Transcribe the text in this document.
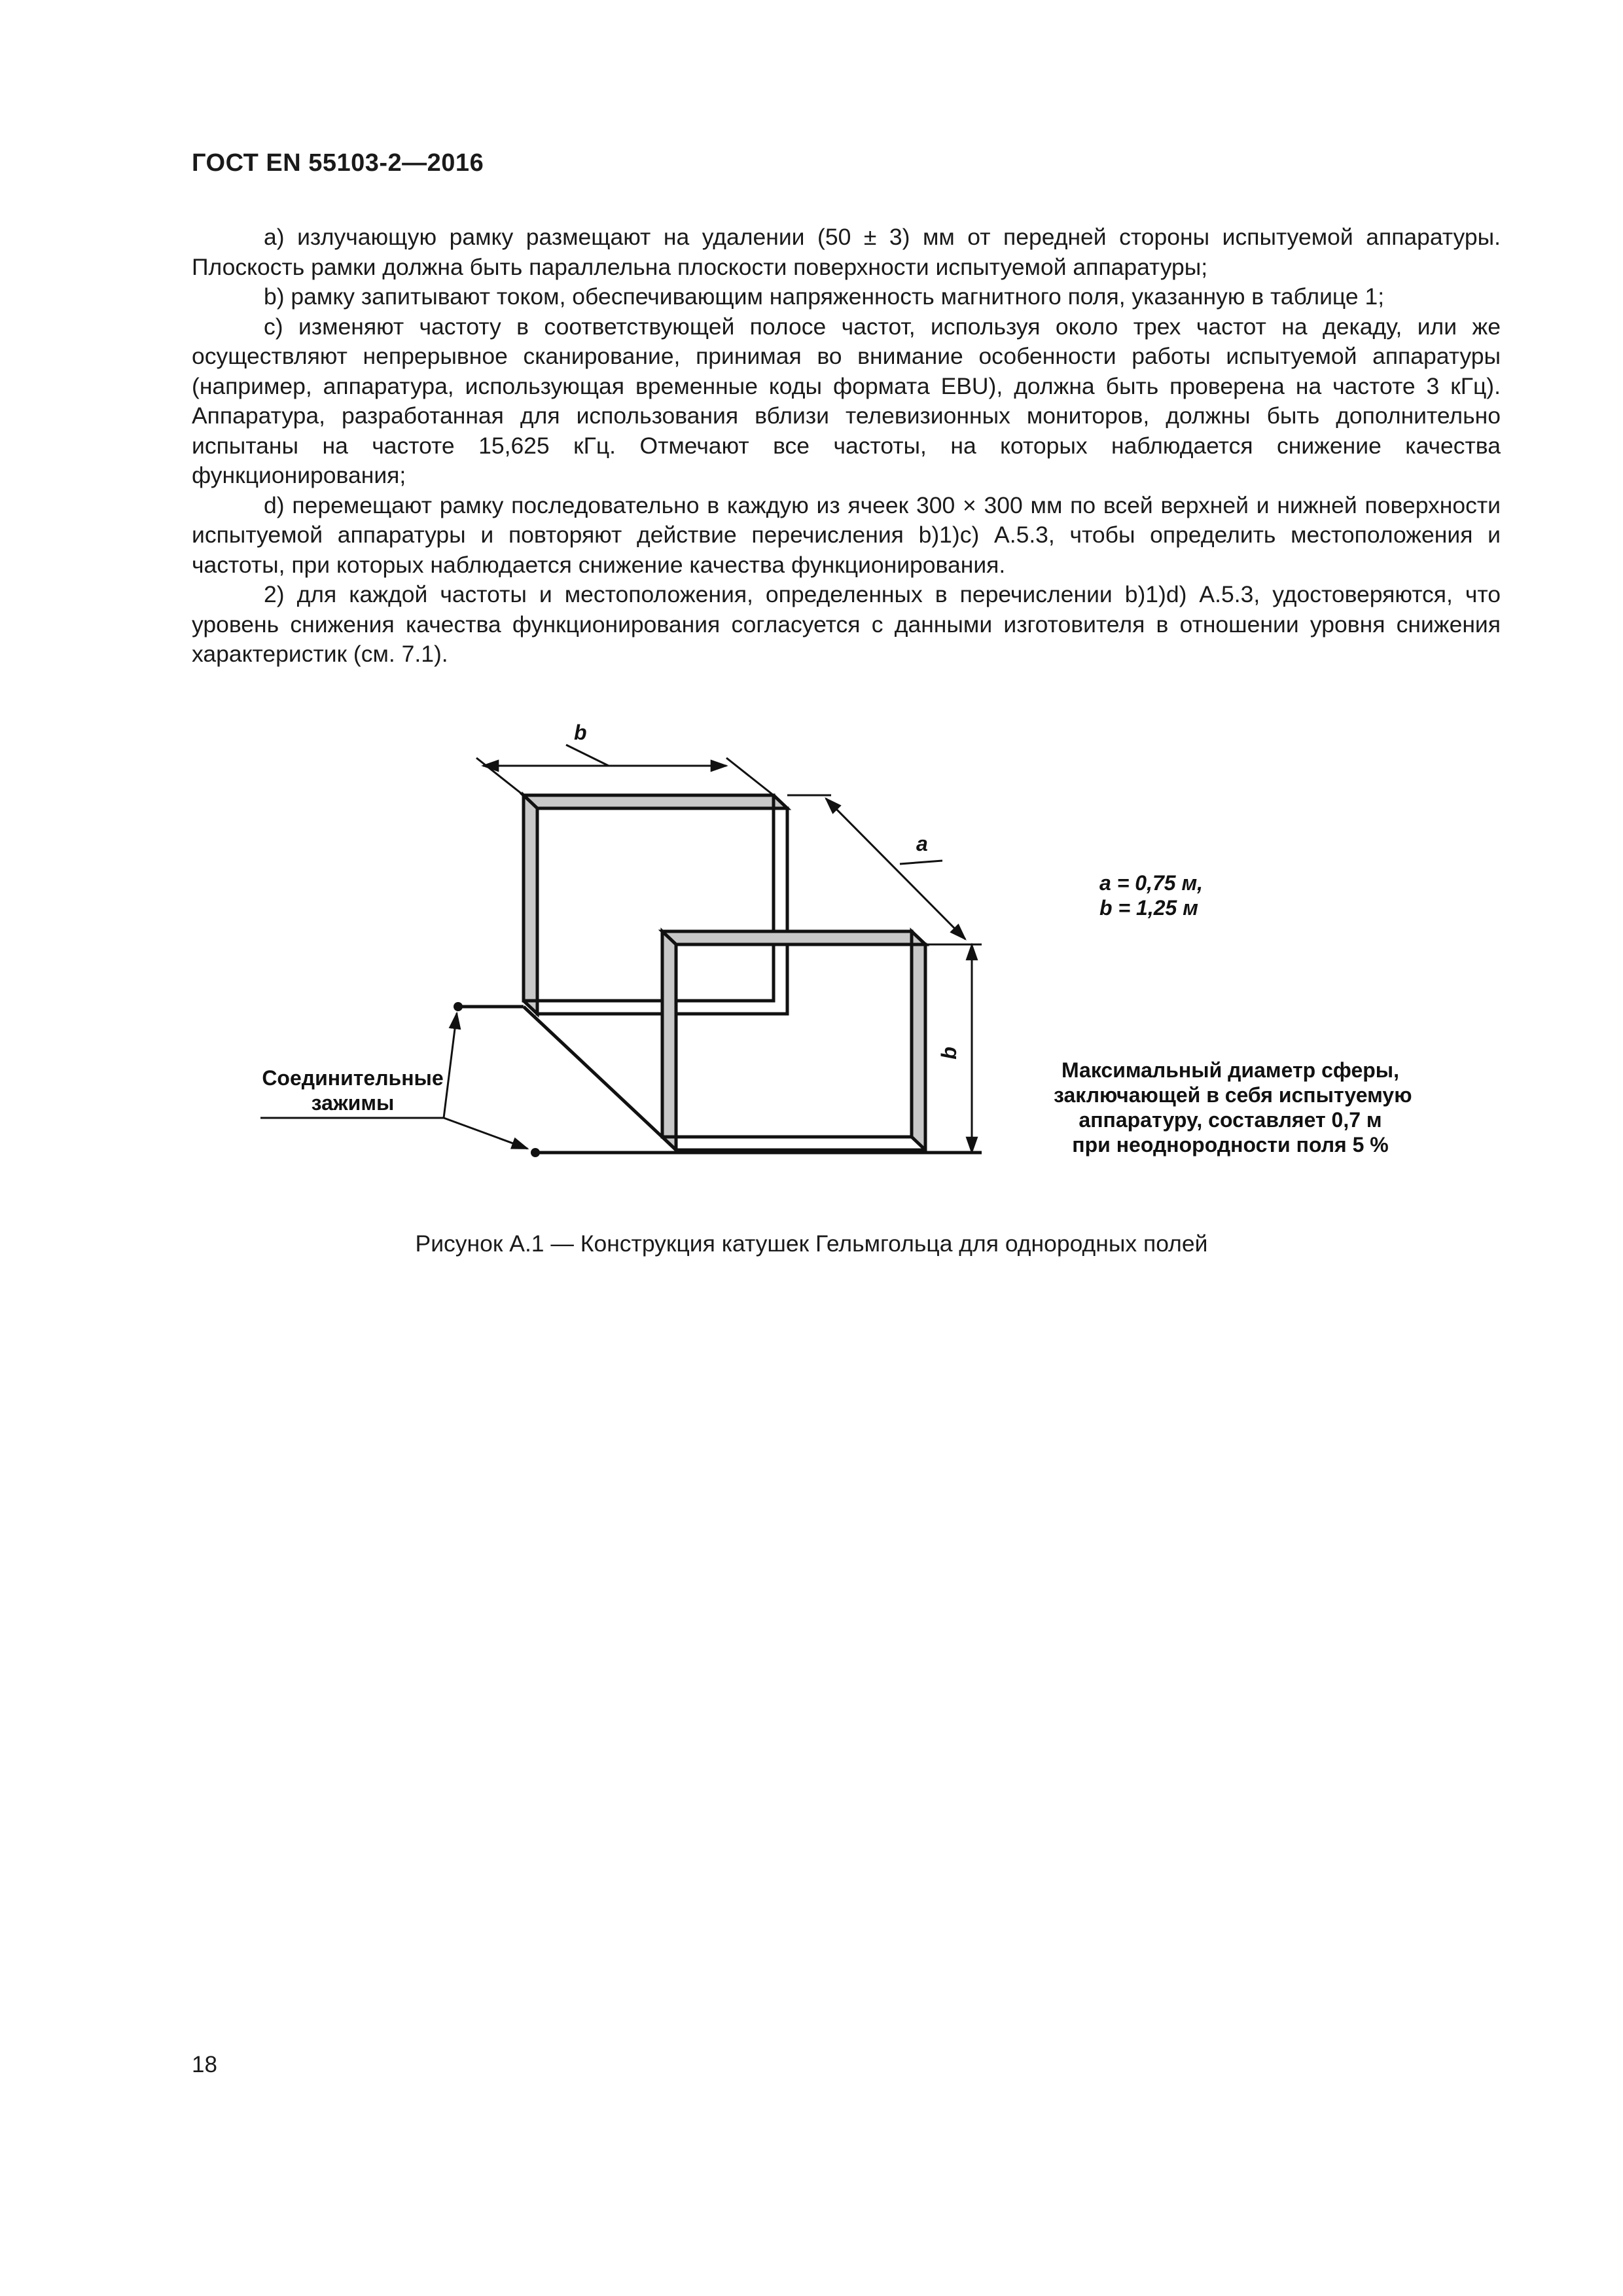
ГОСТ EN 55103-2—2016

a) излучающую рамку размещают на удалении (50 ± 3) мм от передней стороны испытуемой аппаратуры. Плоскость рамки должна быть параллельна плоскости поверхности испытуемой аппаратуры;

b) рамку запитывают током, обеспечивающим напряженность магнитного поля, указанную в таблице 1;

c) изменяют частоту в соответствующей полосе частот, используя около трех частот на декаду, или же осуществляют непрерывное сканирование, принимая во внимание особенности работы испытуемой аппаратуры (например, аппаратура, использующая временные коды формата EBU), должна быть проверена на частоте 3 кГц). Аппаратура, разработанная для использования вблизи телевизионных мониторов, должны быть дополнительно испытаны на частоте 15,625 кГц. Отмечают все частоты, на которых наблюдается снижение качества функционирования;

d) перемещают рамку последовательно в каждую из ячеек 300 × 300 мм по всей верхней и нижней поверхности испытуемой аппаратуры и повторяют действие перечисления b)1)c) А.5.3, чтобы определить местоположения и частоты, при которых наблюдается снижение качества функционирования.

2) для каждой частоты и местоположения, определенных в перечислении b)1)d) А.5.3, удостоверяются, что уровень снижения качества функционирования согласуется с данными изготовителя в отношении уровня снижения характеристик (см. 7.1).

b
a
b
a = 0,75 м,
b = 1,25 м
Соединительные
зажимы
Максимальный диаметр сферы,
заключающей в себя испытуемую
аппаратуру, составляет 0,7 м
при неоднородности поля 5 %
Рисунок А.1 — Конструкция катушек Гельмгольца для однородных полей
18
